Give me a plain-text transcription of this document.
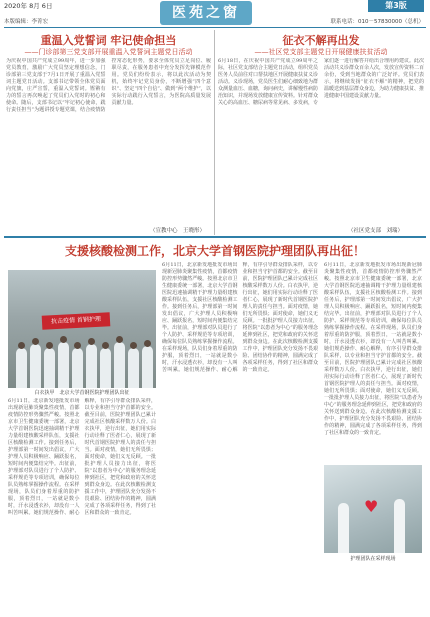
2020年 8月 6日	第3版
医苑之窗
本版编辑：李菁宏	联系电话：010－57830000（总机）
重温入党誓词 牢记使命担当
——门诊部第三党支部开展重温入党誓词主题党日活动
为庆祝中国共产党成立99周年，进一步加强党员教育，激励广大党员坚定理想信念，门诊部第三党支部于7月1日开展了重温入党誓词主题党日活动。支部书记带领全体党员面向党旗，庄严宣誓，重温入党誓词。铿锵有力的誓言再次唤起了党员们入党时的初心和使命。随后，支部书记以“牢记初心使命，践行责任担当”为题讲授专题党课，结合疫情防控常态化形势，要求全体党员立足岗位、履职尽责，在服务患者中充分发挥先锋模范作用。党员们纷纷表示，将以此次活动为契机，始终牢记党员身份，不断增强“四个意识”、坚定“四个自信”、做到“两个维护”，以实际行动践行入党誓言，为医院高质量发展贡献力量。
（宣教中心　王晓彤）
征衣不解再出发
——社区党支部主题党日开展健康扶贫活动
6月18日，在庆祝中国共产党成立99周年之际，社区党支部结合主题党日活动，组织党员医务人员前往对口帮扶地区开展健康扶贫义诊活动。义诊现场，党员医生们耐心细致地为群众测量血压、血糖，询问病史，讲解慢性病防治知识，并现场发放健康宣传资料。针对群众关心的高血压、糖尿病等常见病、多发病，专家们逐一进行解答并给出合理用药建议。此次活动共义诊群众百余人次，发放宣传资料二百余份，受到当地群众的广泛好评。党员们表示，将继续发扬“征衣不解”的精神，把党的温暖送到基层群众身边，为助力健康扶贫、推进健康中国建设贡献力量。
（社区党支部　刘瑞）
支援核酸检测工作，北京大学首钢医院护理团队再出征！
抗击疫情 首钢护理
白衣执甲　北京大学首钢医院护理团队出征
6月11日，北京新发地批发市场出现新冠肺炎聚集性疫情，首都疫情防控形势骤然严峻。按照北京市卫生健康委统一部署，北京大学首钢医院迅速抽调精干护理力量组建核酸采样队伍，支援社区核酸检测工作。接到任务后，护理部第一时间发出倡议，广大护理人员积极响应、踊跃报名，短时间内便集结完毕。出征前，护理部对队员进行了个人防护、采样规范等专项培训，确保每位队员熟练掌握操作流程。在采样现场，队员们身着厚重的防护服，顶着烈日，一站就是数小时，汗水浸透衣衫，却没有一人叫苦叫累。她们规范操作、耐心解释，有序引导群众排队采样，以专业和担当守护首都的安全。截至目前，医院护理团队已累计完成社区核酸采样数万人份。白衣执甲，逆行出征，她们用实际行动诠释了医者仁心，展现了新时代首钢医院护理人的责任与担当。面对疫情，她们无所畏惧；面对使命，她们义无反顾。一批批护理人员接力出征，将医院“以患者为中心”的服务理念延伸到社区，把党和政府的关怀送到群众身边。在此次核酸检测支援工作中，护理团队充分发扬不畏艰险、团结协作的精神，圆满完成了各项采样任务，得到了社区和群众的一致肯定。
6月11日，北京新发地批发市场出现新冠肺炎聚集性疫情，首都疫情防控形势骤然严峻。按照北京市卫生健康委统一部署，北京大学首钢医院迅速抽调精干护理力量组建核酸采样队伍，支援社区核酸检测工作。接到任务后，护理部第一时间发出倡议，广大护理人员积极响应、踊跃报名，短时间内便集结完毕。出征前，护理部对队员进行了个人防护、采样规范等专项培训，确保每位队员熟练掌握操作流程。在采样现场，队员们身着厚重的防护服，顶着烈日，一站就是数小时，汗水浸透衣衫，却没有一人叫苦叫累。她们规范操作、耐心解释，有序引导群众排队采样，以专业和担当守护首都的安全。截至目前，医院护理团队已累计完成社区核酸采样数万人份。白衣执甲，逆行出征，她们用实际行动诠释了医者仁心，展现了新时代首钢医院护理人的责任与担当。面对疫情，她们无所畏惧；面对使命，她们义无反顾。一批批护理人员接力出征，将医院“以患者为中心”的服务理念延伸到社区，把党和政府的关怀送到群众身边。在此次核酸检测支援工作中，护理团队充分发扬不畏艰险、团结协作的精神，圆满完成了各项采样任务，得到了社区和群众的一致肯定。
6月11日，北京新发地批发市场出现新冠肺炎聚集性疫情，首都疫情防控形势骤然严峻。按照北京市卫生健康委统一部署，北京大学首钢医院迅速抽调精干护理力量组建核酸采样队伍，支援社区核酸检测工作。接到任务后，护理部第一时间发出倡议，广大护理人员积极响应、踊跃报名，短时间内便集结完毕。出征前，护理部对队员进行了个人防护、采样规范等专项培训，确保每位队员熟练掌握操作流程。在采样现场，队员们身着厚重的防护服，顶着烈日，一站就是数小时，汗水浸透衣衫，却没有一人叫苦叫累。她们规范操作、耐心解释，有序引导群众排队采样，以专业和担当守护首都的安全。截至目前，医院护理团队已累计完成社区核酸采样数万人份。白衣执甲，逆行出征，她们用实际行动诠释了医者仁心，展现了新时代首钢医院护理人的责任与担当。面对疫情，她们无所畏惧；面对使命，她们义无反顾。一批批护理人员接力出征，将医院“以患者为中心”的服务理念延伸到社区，把党和政府的关怀送到群众身边。在此次核酸检测支援工作中，护理团队充分发扬不畏艰险、团结协作的精神，圆满完成了各项采样任务，得到了社区和群众的一致肯定。
♥
护理团队在采样现场
